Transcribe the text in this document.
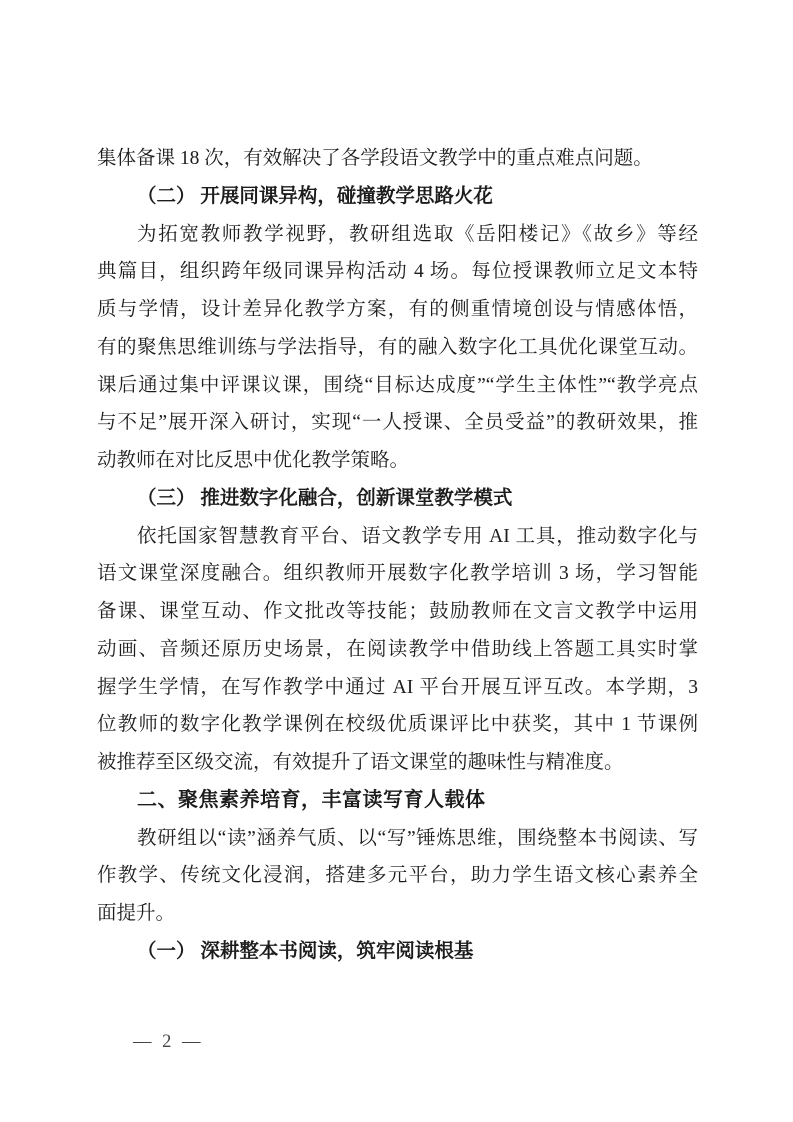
集体备课 18 次，有效解决了各学段语文教学中的重点难点问题。
（二） 开展同课异构，碰撞教学思路火花
为拓宽教师教学视野，教研组选取《岳阳楼记》《故乡》等经
典篇目，组织跨年级同课异构活动 4 场。每位授课教师立足文本特
质与学情，设计差异化教学方案，有的侧重情境创设与情感体悟，
有的聚焦思维训练与学法指导，有的融入数字化工具优化课堂互动。
课后通过集中评课议课，围绕“目标达成度”“学生主体性”“教学亮点
与不足”展开深入研讨，实现“一人授课、全员受益”的教研效果，推
动教师在对比反思中优化教学策略。
（三） 推进数字化融合，创新课堂教学模式
依托国家智慧教育平台、语文教学专用 AI 工具，推动数字化与
语文课堂深度融合。组织教师开展数字化教学培训 3 场，学习智能
备课、课堂互动、作文批改等技能；鼓励教师在文言文教学中运用
动画、音频还原历史场景，在阅读教学中借助线上答题工具实时掌
握学生学情，在写作教学中通过 AI 平台开展互评互改。本学期，3
位教师的数字化教学课例在校级优质课评比中获奖，其中 1 节课例
被推荐至区级交流，有效提升了语文课堂的趣味性与精准度。
二、聚焦素养培育，丰富读写育人载体
教研组以“读”涵养气质、以“写”锤炼思维，围绕整本书阅读、写
作教学、传统文化浸润，搭建多元平台，助力学生语文核心素养全
面提升。
（一） 深耕整本书阅读，筑牢阅读根基
— 2 —
